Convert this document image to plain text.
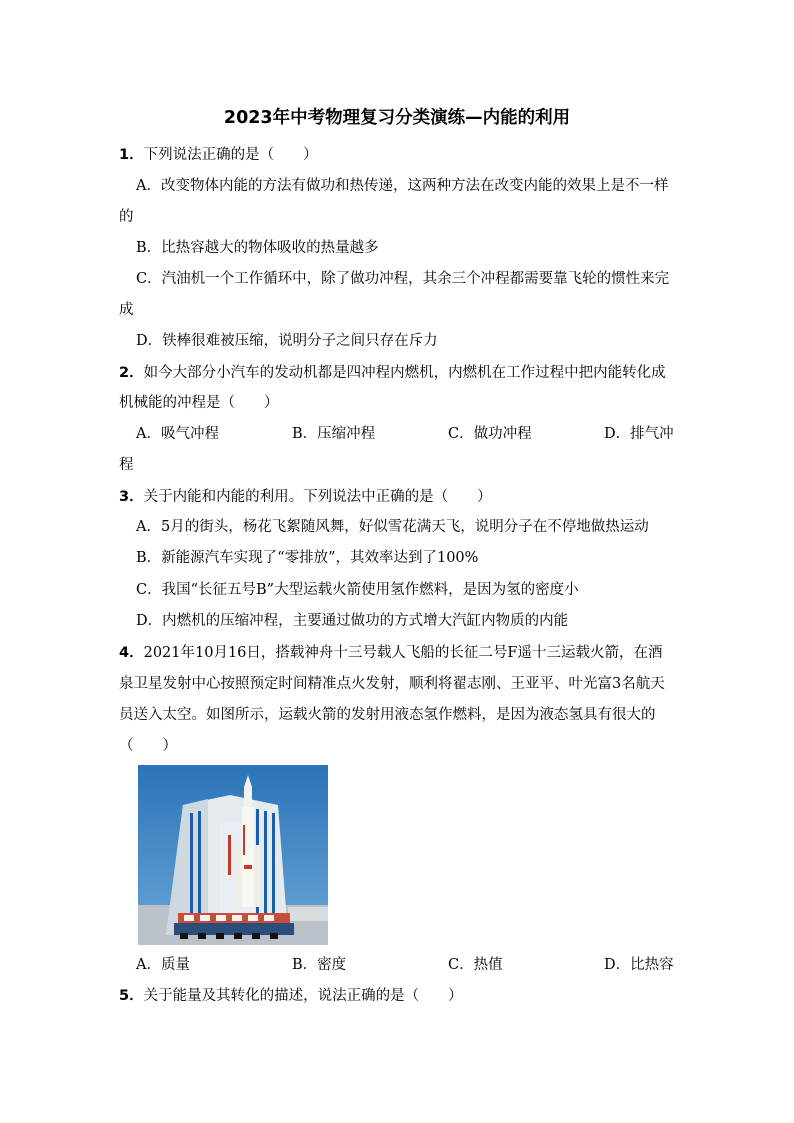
2023年中考物理复习分类演练—内能的利用
1．下列说法正确的是（　　）
A．改变物体内能的方法有做功和热传递，这两种方法在改变内能的效果上是不一样
的
B．比热容越大的物体吸收的热量越多
C．汽油机一个工作循环中，除了做功冲程，其余三个冲程都需要靠飞轮的惯性来完
成
D．铁棒很难被压缩，说明分子之间只存在斥力
2．如今大部分小汽车的发动机都是四冲程内燃机，内燃机在工作过程中把内能转化成
机械能的冲程是（　　）
A．吸气冲程	B．压缩冲程	C．做功冲程	D．排气冲
程
3．关于内能和内能的利用。下列说法中正确的是（　　）
A．5月的街头，杨花飞絮随风舞，好似雪花满天飞，说明分子在不停地做热运动
B．新能源汽车实现了“零排放”，其效率达到了100%
C．我国“长征五号B”大型运载火箭使用氢作燃料，是因为氢的密度小
D．内燃机的压缩冲程，主要通过做功的方式增大汽缸内物质的内能
4．2021年10月16日，搭载神舟十三号载人飞船的长征二号F遥十三运载火箭，在酒
泉卫星发射中心按照预定时间精准点火发射，顺利将翟志刚、王亚平、叶光富3名航天
员送入太空。如图所示，运载火箭的发射用液态氢作燃料，是因为液态氢具有很大的
（　　）
A．质量	B．密度	C．热值	D．比热容
5．关于能量及其转化的描述，说法正确的是（　　）
